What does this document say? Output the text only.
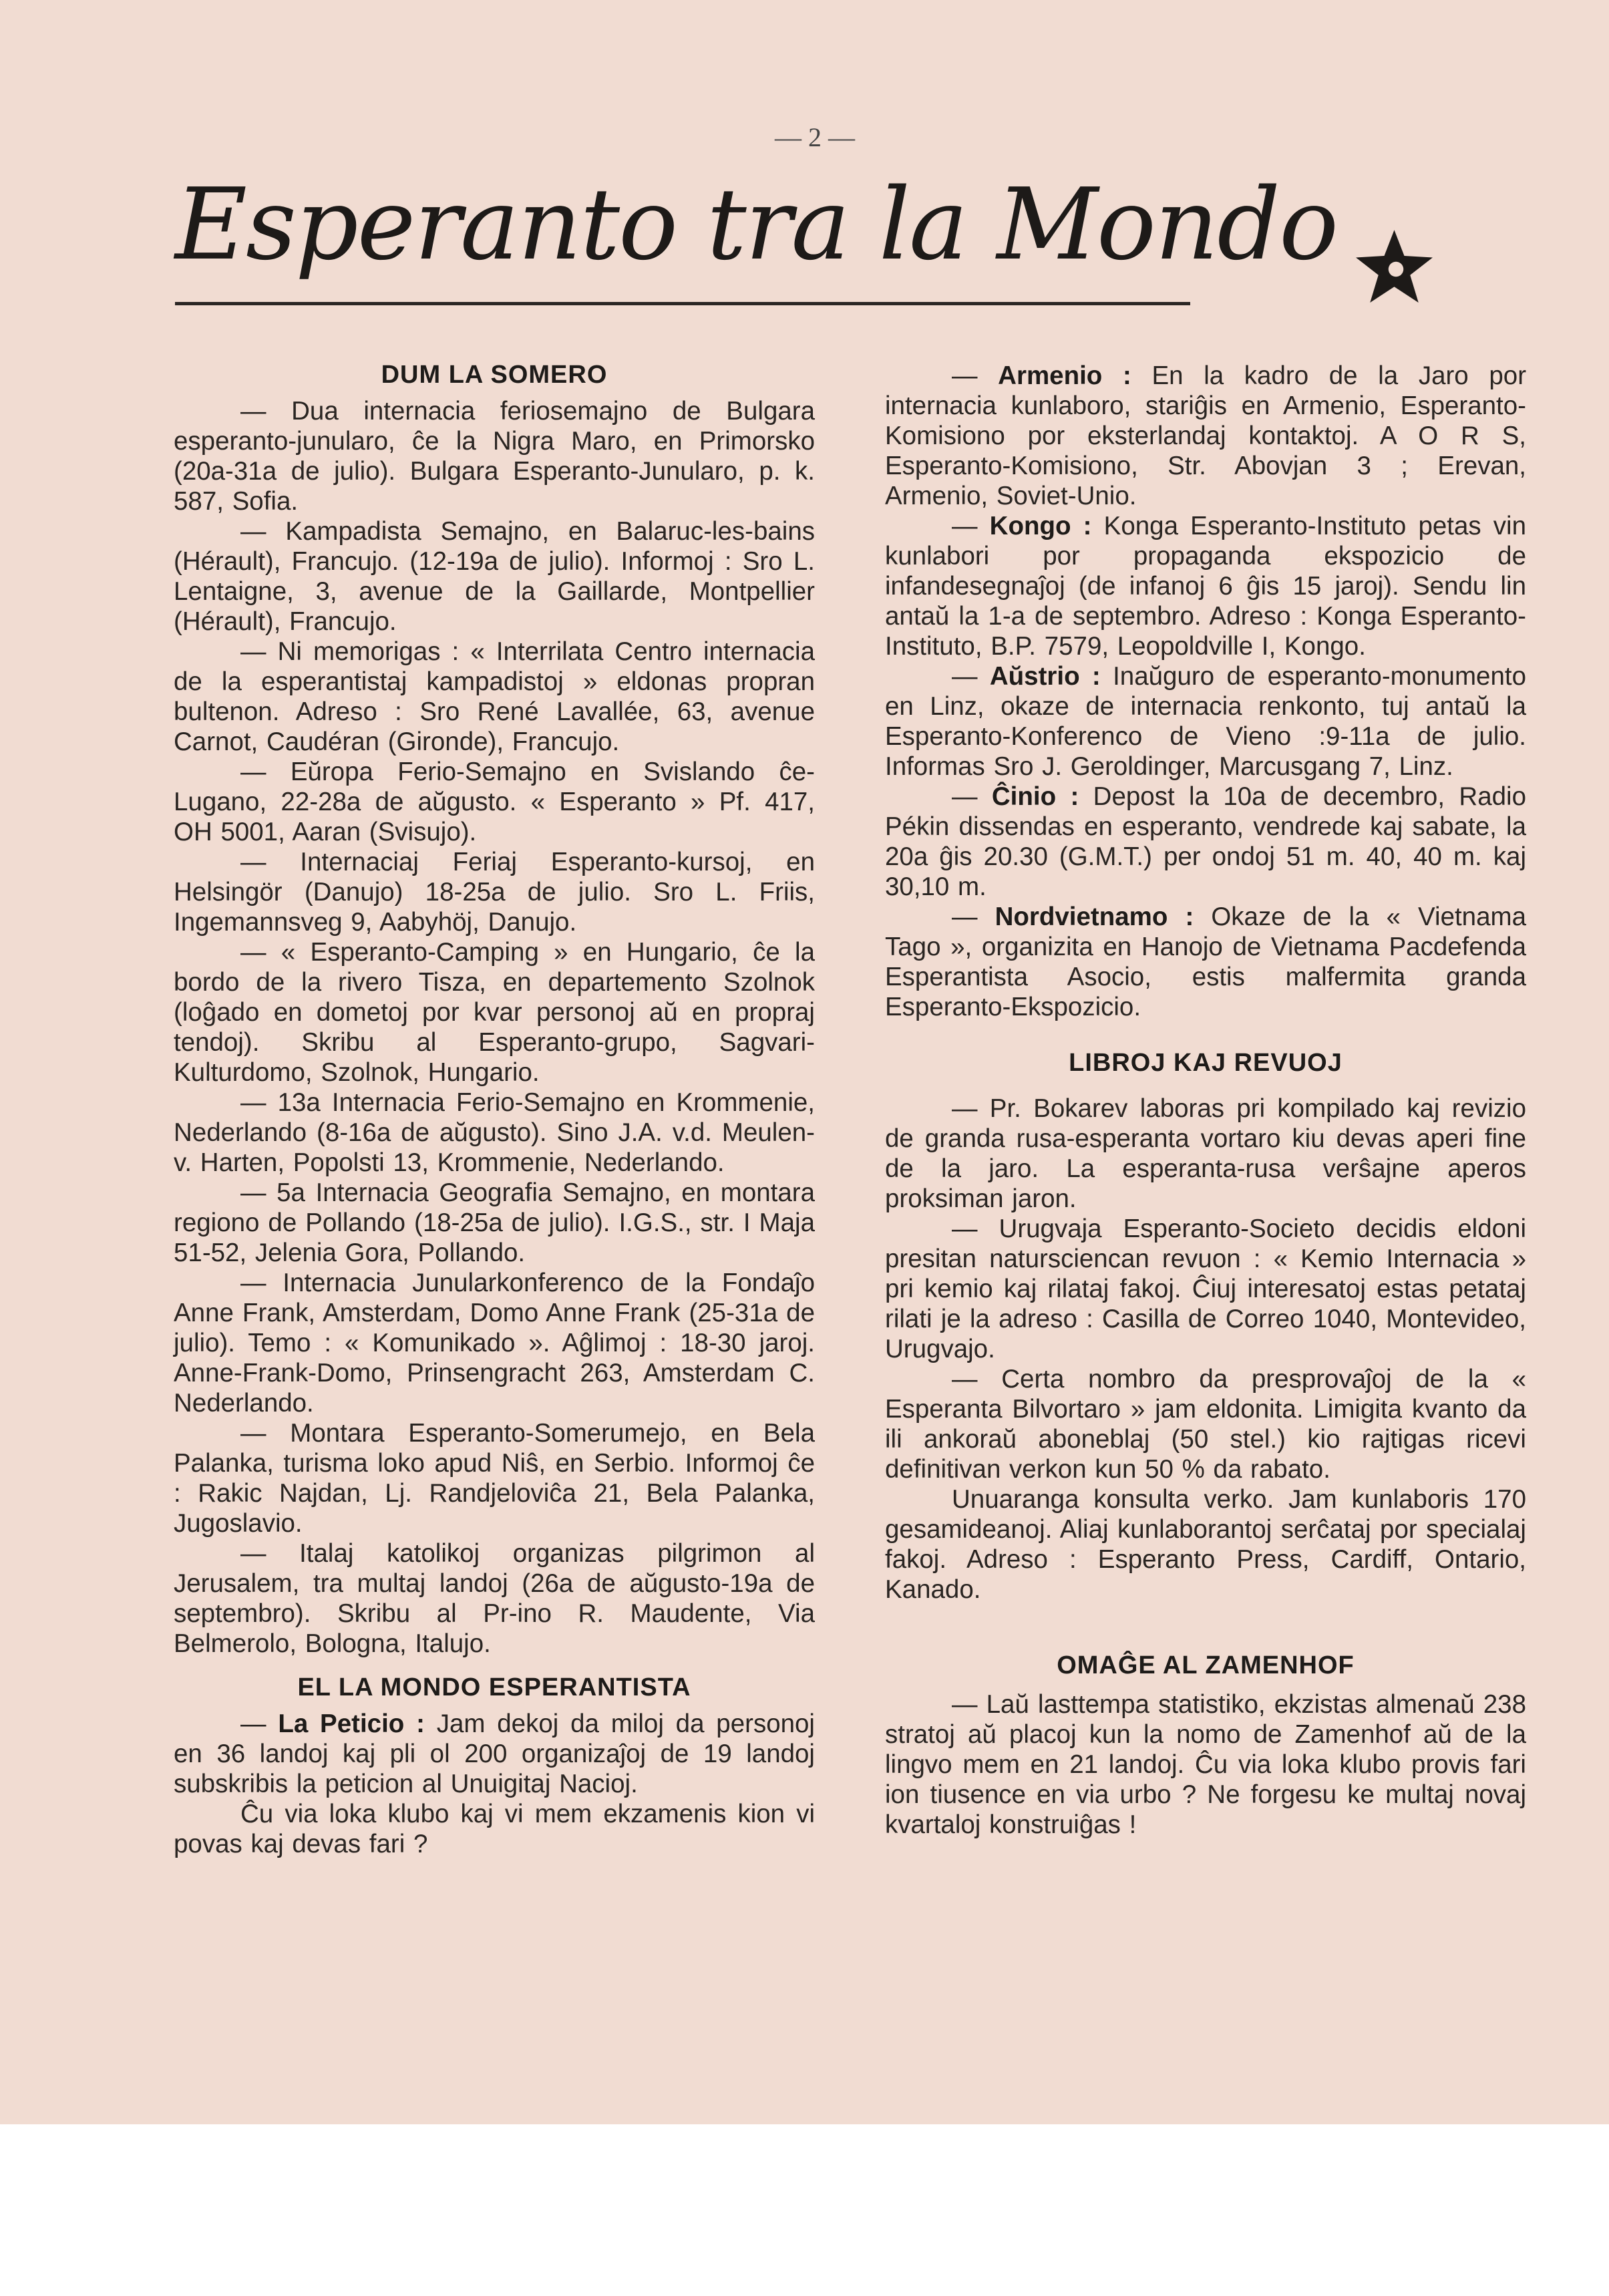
— 2 —
Esperanto tra la Mondo
DUM LA SOMERO

— Dua internacia feriosemajno de Bulgara esperanto-junularo, ĉe la Nigra Maro, en Primorsko (20a-31a de julio). Bulgara Esperanto-Junularo, p. k. 587, Sofia.

— Kampadista Semajno, en Balaruc-les-bains (Hérault), Francujo. (12-19a de julio). Informoj : Sro L. Lentaigne, 3, avenue de la Gaillarde, Montpellier (Hérault), Francujo.

— Ni memorigas : « Interrilata Centro internacia de la esperantistaj kampadistoj » eldonas propran bultenon. Adreso : Sro René Lavallée, 63, avenue Carnot, Caudéran (Gironde), Francujo.

— Eŭropa Ferio-Semajno en Svislando ĉe-Lugano, 22-28a de aŭgusto. « Esperanto » Pf. 417, OH 5001, Aaran (Svisujo).

— Internaciaj Feriaj Esperanto-kursoj, en Helsingör (Danujo) 18-25a de julio. Sro L. Friis, Ingemannsveg 9, Aabyhöj, Danujo.

— « Esperanto-Camping » en Hungario, ĉe la bordo de la rivero Tisza, en departemento Szolnok (loĝado en dometoj por kvar personoj aŭ en propraj tendoj). Skribu al Esperanto-grupo, Sagvari-Kulturdomo, Szolnok, Hungario.

— 13a Internacia Ferio-Semajno en Krommenie, Nederlando (8-16a de aŭgusto). Sino J.A. v.d. Meulen-v. Harten, Popolsti 13, Krommenie, Nederlando.

— 5a Internacia Geografia Semajno, en montara regiono de Pollando (18-25a de julio). I.G.S., str. I Maja 51-52, Jelenia Gora, Pollando.

— Internacia Junularkonferenco de la Fondaĵo Anne Frank, Amsterdam, Domo Anne Frank (25-31a de julio). Temo : « Komunikado ». Aĝlimoj : 18-30 jaroj. Anne-Frank-Domo, Prinsengracht 263, Amsterdam C. Nederlando.

— Montara Esperanto-Somerumejo, en Bela Palanka, turisma loko apud Niŝ, en Serbio. Informoj ĉe : Rakic Najdan, Lj. Randjeloviĉa 21, Bela Palanka, Jugoslavio.

— Italaj katolikoj organizas pilgrimon al Jerusalem, tra multaj landoj (26a de aŭgusto-19a de septembro). Skribu al Pr-ino R. Maudente, Via Belmerolo, Bologna, Italujo.

EL LA MONDO ESPERANTISTA

— La Peticio : Jam dekoj da miloj da personoj en 36 landoj kaj pli ol 200 organizaĵoj de 19 landoj subskribis la peticion al Unuigitaj Nacioj.

Ĉu via loka klubo kaj vi mem ekzamenis kion vi povas kaj devas fari ?

— Armenio : En la kadro de la Jaro por internacia kunlaboro, stariĝis en Armenio, Esperanto-Komisiono por eksterlandaj kontaktoj. A O R S, Esperanto-Komisiono, Str. Abovjan 3 ; Erevan, Armenio, Soviet-Unio.

— Kongo : Konga Esperanto-Instituto petas vin kunlabori por propaganda ekspozicio de infandesegnaĵoj (de infanoj 6 ĝis 15 jaroj). Sendu lin antaŭ la 1-a de septembro. Adreso : Konga Esperanto-Instituto, B.P. 7579, Leopoldville I, Kongo.

— Aŭstrio : Inaŭguro de esperanto-monumento en Linz, okaze de internacia renkonto, tuj antaŭ la Esperanto-Konferenco de Vieno :9-11a de julio. Informas Sro J. Geroldinger, Marcusgang 7, Linz.

— Ĉinio : Depost la 10a de decembro, Radio Pékin dissendas en esperanto, vendrede kaj sabate, la 20a ĝis 20.30 (G.M.T.) per ondoj 51 m. 40, 40 m. kaj 30,10 m.

— Nordvietnamo : Okaze de la « Vietnama Tago », organizita en Hanojo de Vietnama Pacdefenda Esperantista Asocio, estis malfermita granda Esperanto-Ekspozicio.

LIBROJ KAJ REVUOJ

— Pr. Bokarev laboras pri kompilado kaj revizio de granda rusa-esperanta vortaro kiu devas aperi fine de la jaro. La esperanta-rusa verŝajne aperos proksiman jaron.

— Urugvaja Esperanto-Societo decidis eldoni presitan natursciencan revuon : « Kemio Internacia » pri kemio kaj rilataj fakoj. Ĉiuj interesatoj estas petataj rilati je la adreso : Casilla de Correo 1040, Montevideo, Urugvajo.

— Certa nombro da presprovaĵoj de la « Esperanta Bilvortaro » jam eldonita. Limigita kvanto da ili ankoraŭ aboneblaj (50 stel.) kio rajtigas ricevi definitivan verkon kun 50 % da rabato.

Unuaranga konsulta verko. Jam kunlaboris 170 gesamideanoj. Aliaj kunlaborantoj serĉataj por specialaj fakoj. Adreso : Esperanto Press, Cardiff, Ontario, Kanado.

OMAĜE AL ZAMENHOF

— Laŭ lasttempa statistiko, ekzistas almenaŭ 238 stratoj aŭ placoj kun la nomo de Zamenhof aŭ de la lingvo mem en 21 landoj. Ĉu via loka klubo provis fari ion tiusence en via urbo ? Ne forgesu ke multaj novaj kvartaloj konstruiĝas !
